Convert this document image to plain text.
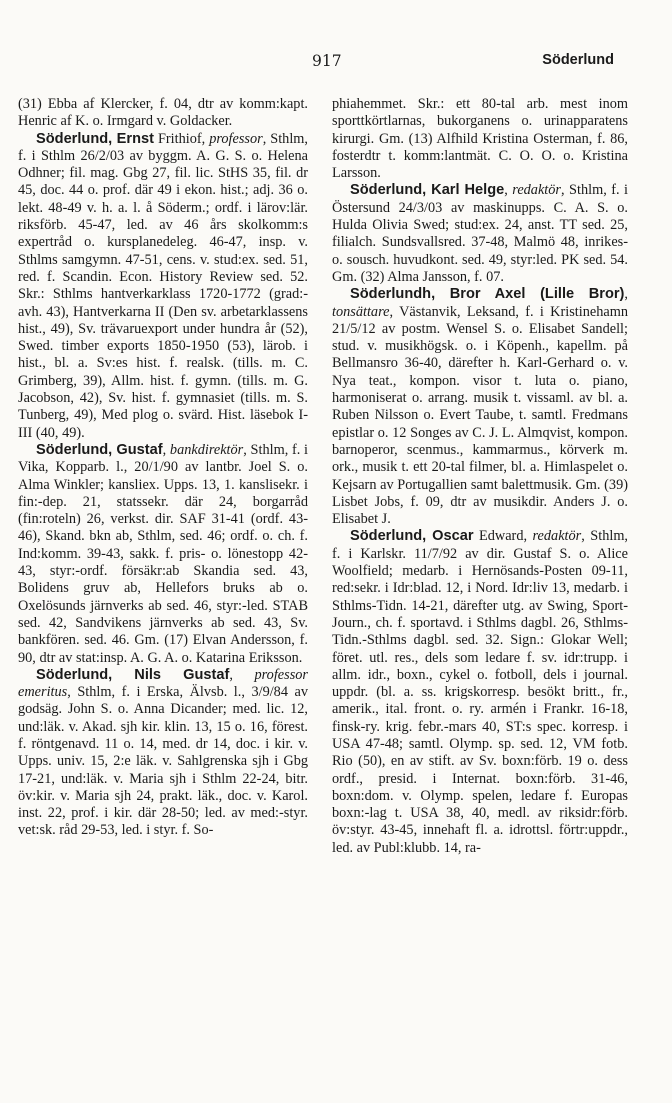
917	Söderlund

(31) Ebba af Klercker, f. 04, dtr av komm:kapt. Henric af K. o. Irmgard v. Goldacker.

Söderlund, Ernst Frithiof, professor, Sthlm, f. i Sthlm 26/2/03 av byggm. A. G. S. o. Helena Odhner; fil. mag. Gbg 27, fil. lic. StHS 35, fil. dr 45, doc. 44 o. prof. där 49 i ekon. hist.; adj. 36 o. lekt. 48-49 v. h. a. l. å Söderm.; ordf. i lärov:lär. riksförb. 45-47, led. av 46 års skolkomm:s expertråd o. kursplanedeleg. 46-47, insp. v. Sthlms samgymn. 47-51, cens. v. stud:ex. sed. 51, red. f. Scandin. Econ. History Review sed. 52. Skr.: Sthlms hantverkarklass 1720-1772 (grad:-avh. 43), Hantverkarna II (Den sv. arbetarklassens hist., 49), Sv. trävaruexport under hundra år (52), Swed. timber exports 1850-1950 (53), lärob. i hist., bl. a. Sv:es hist. f. realsk. (tills. m. C. Grimberg, 39), Allm. hist. f. gymn. (tills. m. G. Jacobson, 42), Sv. hist. f. gymnasiet (tills. m. S. Tunberg, 49), Med plog o. svärd. Hist. läsebok I-III (40, 49).

Söderlund, Gustaf, bankdirektör, Sthlm, f. i Vika, Kopparb. l., 20/1/90 av lantbr. Joel S. o. Alma Winkler; kansliex. Upps. 13, 1. kanslisekr. i fin:-dep. 21, statssekr. där 24, borgarråd (fin:roteln) 26, verkst. dir. SAF 31-41 (ordf. 43-46), Skand. bkn ab, Sthlm, sed. 46; ordf. o. ch. f. Ind:komm. 39-43, sakk. f. pris- o. lönestopp 42-43, styr:-ordf. försäkr:ab Skandia sed. 43, Bolidens gruv ab, Hellefors bruks ab o. Oxelösunds järnverks ab sed. 46, styr:-led. STAB sed. 42, Sandvikens järnverks ab sed. 43, Sv. bankfören. sed. 46. Gm. (17) Elvan Andersson, f. 90, dtr av stat:insp. A. G. A. o. Katarina Eriksson.

Söderlund, Nils Gustaf, professor emeritus, Sthlm, f. i Erska, Älvsb. l., 3/9/84 av godsäg. John S. o. Anna Dicander; med. lic. 12, und:läk. v. Akad. sjh kir. klin. 13, 15 o. 16, förest. f. röntgenavd. 11 o. 14, med. dr 14, doc. i kir. v. Upps. univ. 15, 2:e läk. v. Sahlgrenska sjh i Gbg 17-21, und:läk. v. Maria sjh i Sthlm 22-24, bitr. öv:kir. v. Maria sjh 24, prakt. läk., doc. v. Karol. inst. 22, prof. i kir. där 28-50; led. av med:-styr. vet:sk. råd 29-53, led. i styr. f. So-

phiahemmet. Skr.: ett 80-tal arb. mest inom sporttkörtlarnas, bukorganens o. urinapparatens kirurgi. Gm. (13) Alfhild Kristina Osterman, f. 86, fosterdtr t. komm:lantmät. C. O. O. o. Kristina Larsson.

Söderlund, Karl Helge, redaktör, Sthlm, f. i Östersund 24/3/03 av maskinupps. C. A. S. o. Hulda Olivia Swed; stud:ex. 24, anst. TT sed. 25, filialch. Sundsvallsred. 37-48, Malmö 48, inrikes- o. sousch. huvudkont. sed. 49, styr:led. PK sed. 54. Gm. (32) Alma Jansson, f. 07.

Söderlundh, Bror Axel (Lille Bror), tonsättare, Västanvik, Leksand, f. i Kristinehamn 21/5/12 av postm. Wensel S. o. Elisabet Sandell; stud. v. musikhögsk. o. i Köpenh., kapellm. på Bellmansro 36-40, därefter h. Karl-Gerhard o. v. Nya teat., kompon. visor t. luta o. piano, harmoniserat o. arrang. musik t. vissaml. av bl. a. Ruben Nilsson o. Evert Taube, t. samtl. Fredmans epistlar o. 12 Songes av C. J. L. Almqvist, kompon. barnoperor, scenmus., kammarmus., körverk m. ork., musik t. ett 20-tal filmer, bl. a. Himlaspelet o. Kejsarn av Portugallien samt balettmusik. Gm. (39) Lisbet Jobs, f. 09, dtr av musikdir. Anders J. o. Elisabet J.

Söderlund, Oscar Edward, redaktör, Sthlm, f. i Karlskr. 11/7/92 av dir. Gustaf S. o. Alice Woolfield; medarb. i Hernösands-Posten 09-11, red:sekr. i Idr:blad. 12, i Nord. Idr:liv 13, medarb. i Sthlms-Tidn. 14-21, därefter utg. av Swing, Sport-Journ., ch. f. sportavd. i Sthlms dagbl. 26, Sthlms-Tidn.-Sthlms dagbl. sed. 32. Sign.: Glokar Well; föret. utl. res., dels som ledare f. sv. idr:trupp. i allm. idr., boxn., cykel o. fotboll, dels i journal. uppdr. (bl. a. ss. krigskorresp. besökt britt., fr., amerik., ital. front. o. ry. armén i Frankr. 16-18, finsk-ry. krig. febr.-mars 40, ST:s spec. korresp. i USA 47-48; samtl. Olymp. sp. sed. 12, VM fotb. Rio (50), en av stift. av Sv. boxn:förb. 19 o. dess ordf., presid. i Internat. boxn:förb. 31-46, boxn:dom. v. Olymp. spelen, ledare f. Europas boxn:-lag t. USA 38, 40, medl. av riksidr:förb. öv:styr. 43-45, innehaft fl. a. idrottsl. förtr:uppdr., led. av Publ:klubb. 14, ra-
